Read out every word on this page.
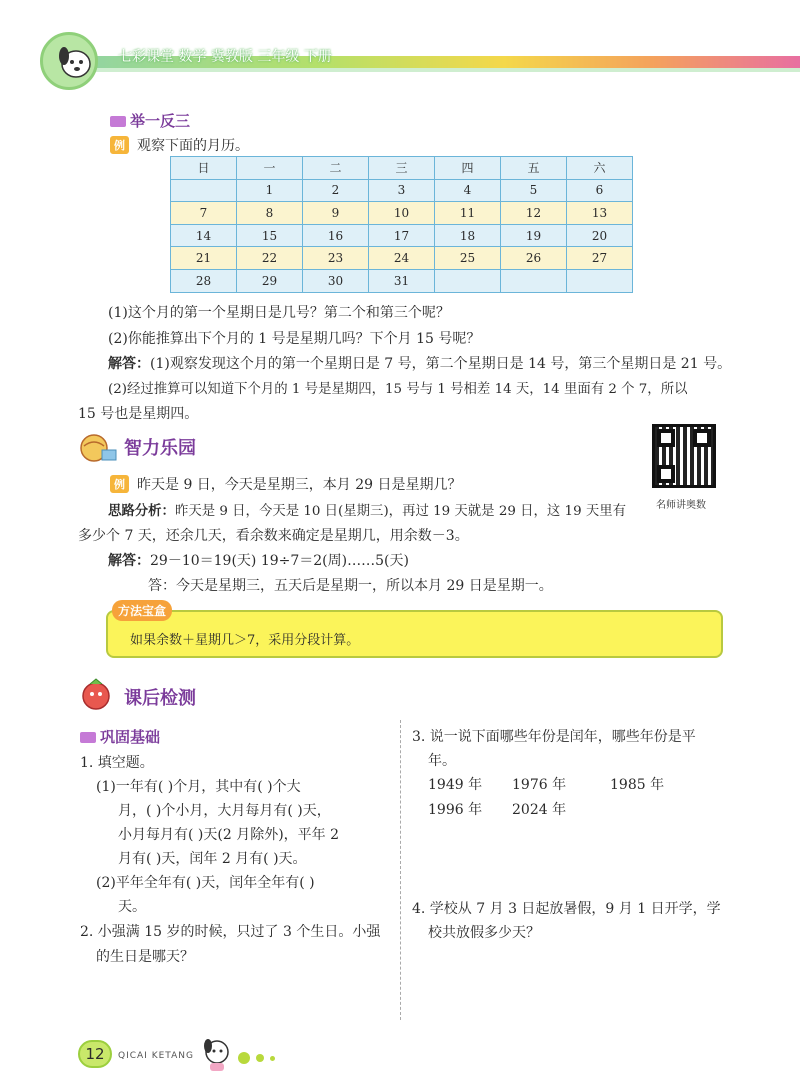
七彩课堂 数学 冀教版 三年级 下册
举一反三
例 观察下面的月历。
日	一	二	三	四	五	六
	1	2	3	4	5	6
7	8	9	10	11	12	13
14	15	16	17	18	19	20
21	22	23	24	25	26	27
28	29	30	31			
(1)这个月的第一个星期日是几号？第二个和第三个呢？
(2)你能推算出下个月的 1 号是星期几吗？下个月 15 号呢？
解答：(1)观察发现这个月的第一个星期日是 7 号，第二个星期日是 14 号，第三个星期日是 21 号。
(2)经过推算可以知道下个月的 1 号是星期四，15 号与 1 号相差 14 天，14 里面有 2 个 7，所以
15 号也是星期四。
智力乐园
名师讲奥数
例 昨天是 9 日，今天是星期三，本月 29 日是星期几？
思路分析：昨天是 9 日，今天是 10 日(星期三)，再过 19 天就是 29 日，这 19 天里有
多少个 7 天，还余几天，看余数来确定是星期几，用余数－3。
解答：29－10＝19(天) 19÷7＝2(周)……5(天)
答：今天是星期三，五天后是星期一，所以本月 29 日是星期一。
方法宝盒
如果余数＋星期几＞7，采用分段计算。
课后检测
巩固基础
1. 填空题。
(1)一年有( )个月，其中有( )个大
月，( )个小月，大月每月有( )天，
小月每月有( )天(2 月除外)，平年 2
月有( )天，闰年 2 月有( )天。
(2)平年全年有( )天，闰年全年有( )
天。
2. 小强满 15 岁的时候，只过了 3 个生日。小强
的生日是哪天？
3. 说一说下面哪些年份是闰年，哪些年份是平
年。
1949 年 1976 年	1985 年
1996 年 2024 年
4. 学校从 7 月 3 日起放暑假，9 月 1 日开学，学
校共放假多少天？
12	QICAI KETANG
